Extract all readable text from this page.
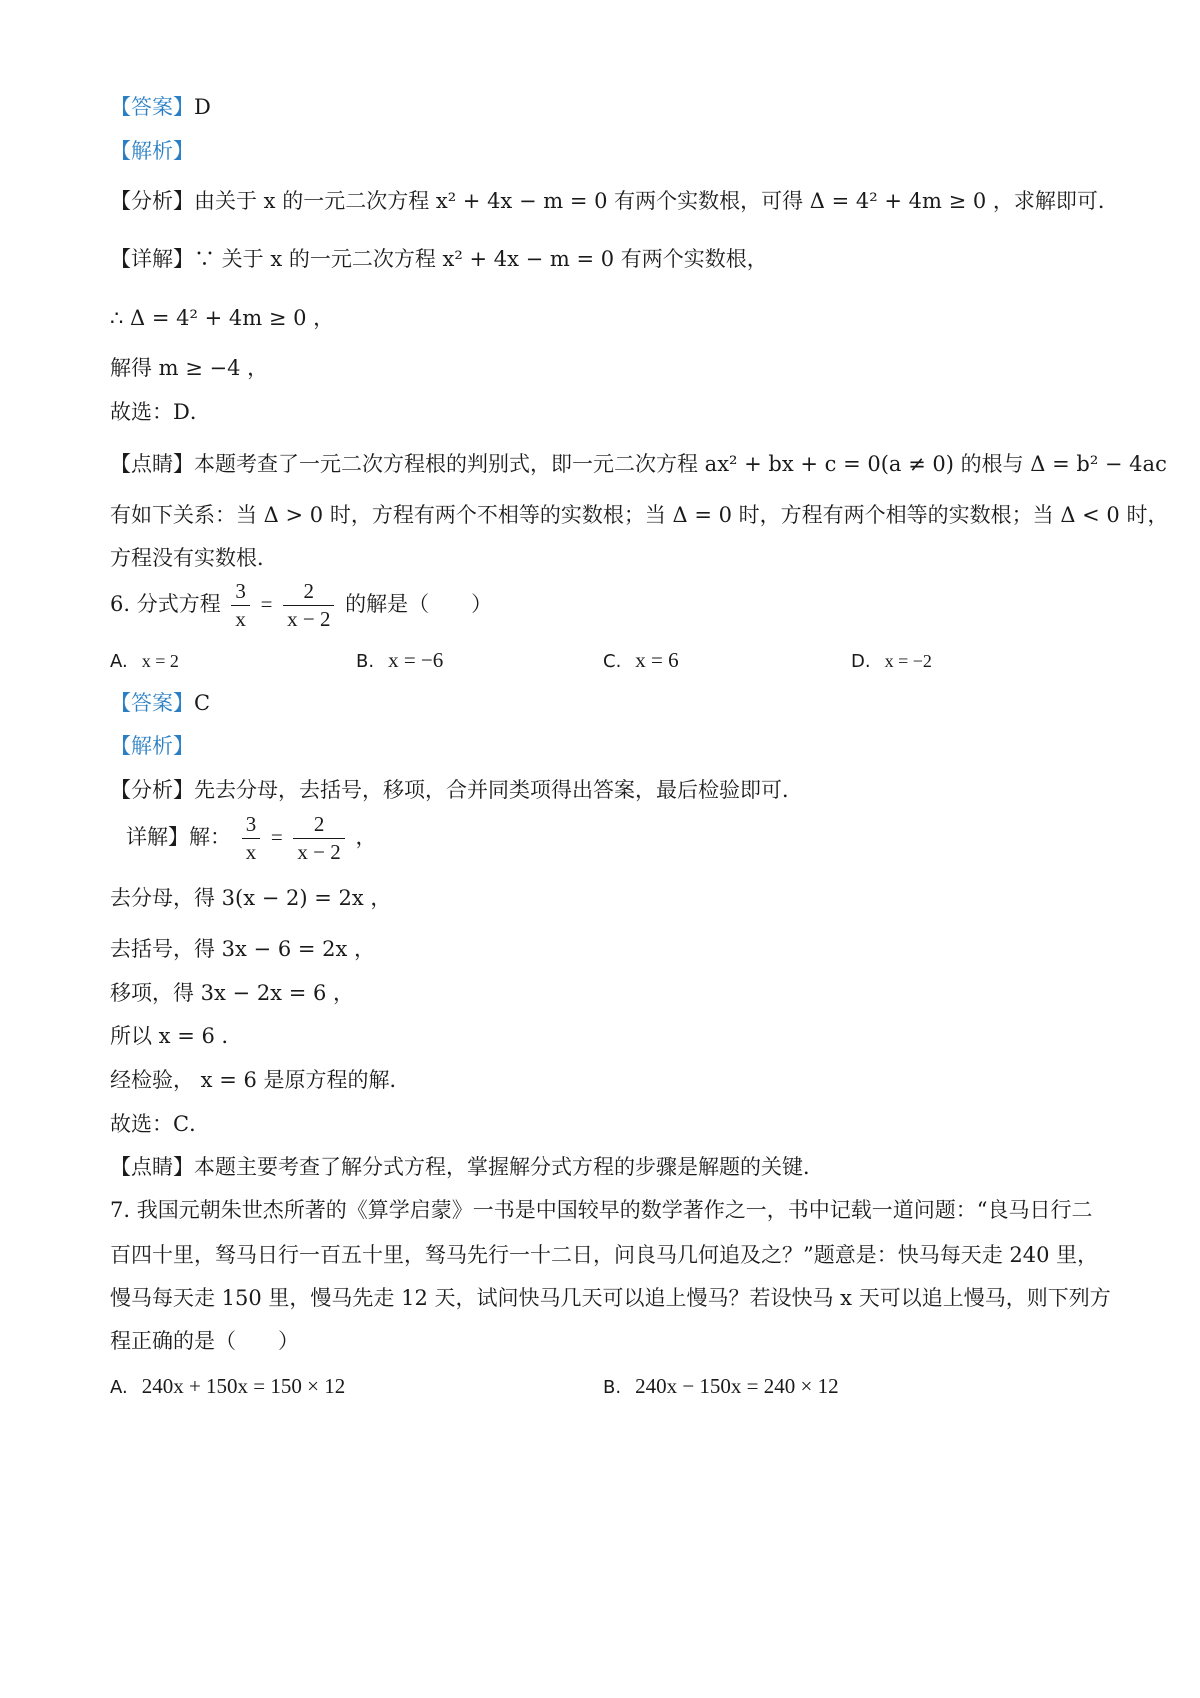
【答案】D
【解析】
【分析】由关于 x 的一元二次方程 x² + 4x − m = 0 有两个实数根，可得 Δ = 4² + 4m ≥ 0 ，求解即可．
【详解】∵ 关于 x 的一元二次方程 x² + 4x − m = 0 有两个实数根，
∴ Δ = 4² + 4m ≥ 0 ，
解得 m ≥ −4 ，
故选：D．
【点睛】本题考查了一元二次方程根的判别式，即一元二次方程 ax² + bx + c = 0(a ≠ 0) 的根与 Δ = b² − 4ac
有如下关系：当 Δ > 0 时，方程有两个不相等的实数根；当 Δ = 0 时，方程有两个相等的实数根；当 Δ < 0 时，
方程没有实数根．
6. 分式方程 $\frac{3}{x} = \frac{2}{x - 2}$ 的解是（　　）
A. x = 2	B. x = −6	C. x = 6	D. x = −2
【答案】C
【解析】
【分析】先去分母，去括号，移项，合并同类项得出答案，最后检验即可．
详解】解： $\frac{3}{x} = \frac{2}{x - 2}$ ，
去分母，得 3(x − 2) = 2x ，
去括号，得 3x − 6 = 2x ，
移项，得 3x − 2x = 6 ，
所以 x = 6 ．
经检验， x = 6 是原方程的解．
故选：C．
【点睛】本题主要考查了解分式方程，掌握解分式方程的步骤是解题的关键．
7. 我国元朝朱世杰所著的《算学启蒙》一书是中国较早的数学著作之一，书中记载一道问题：“良马日行二
百四十里，驽马日行一百五十里，驽马先行一十二日，问良马几何追及之？”题意是：快马每天走 240 里，
慢马每天走 150 里，慢马先走 12 天，试问快马几天可以追上慢马？若设快马 x 天可以追上慢马，则下列方
程正确的是（　　）
A. 240x + 150x = 150 × 12	B. 240x − 150x = 240 × 12
